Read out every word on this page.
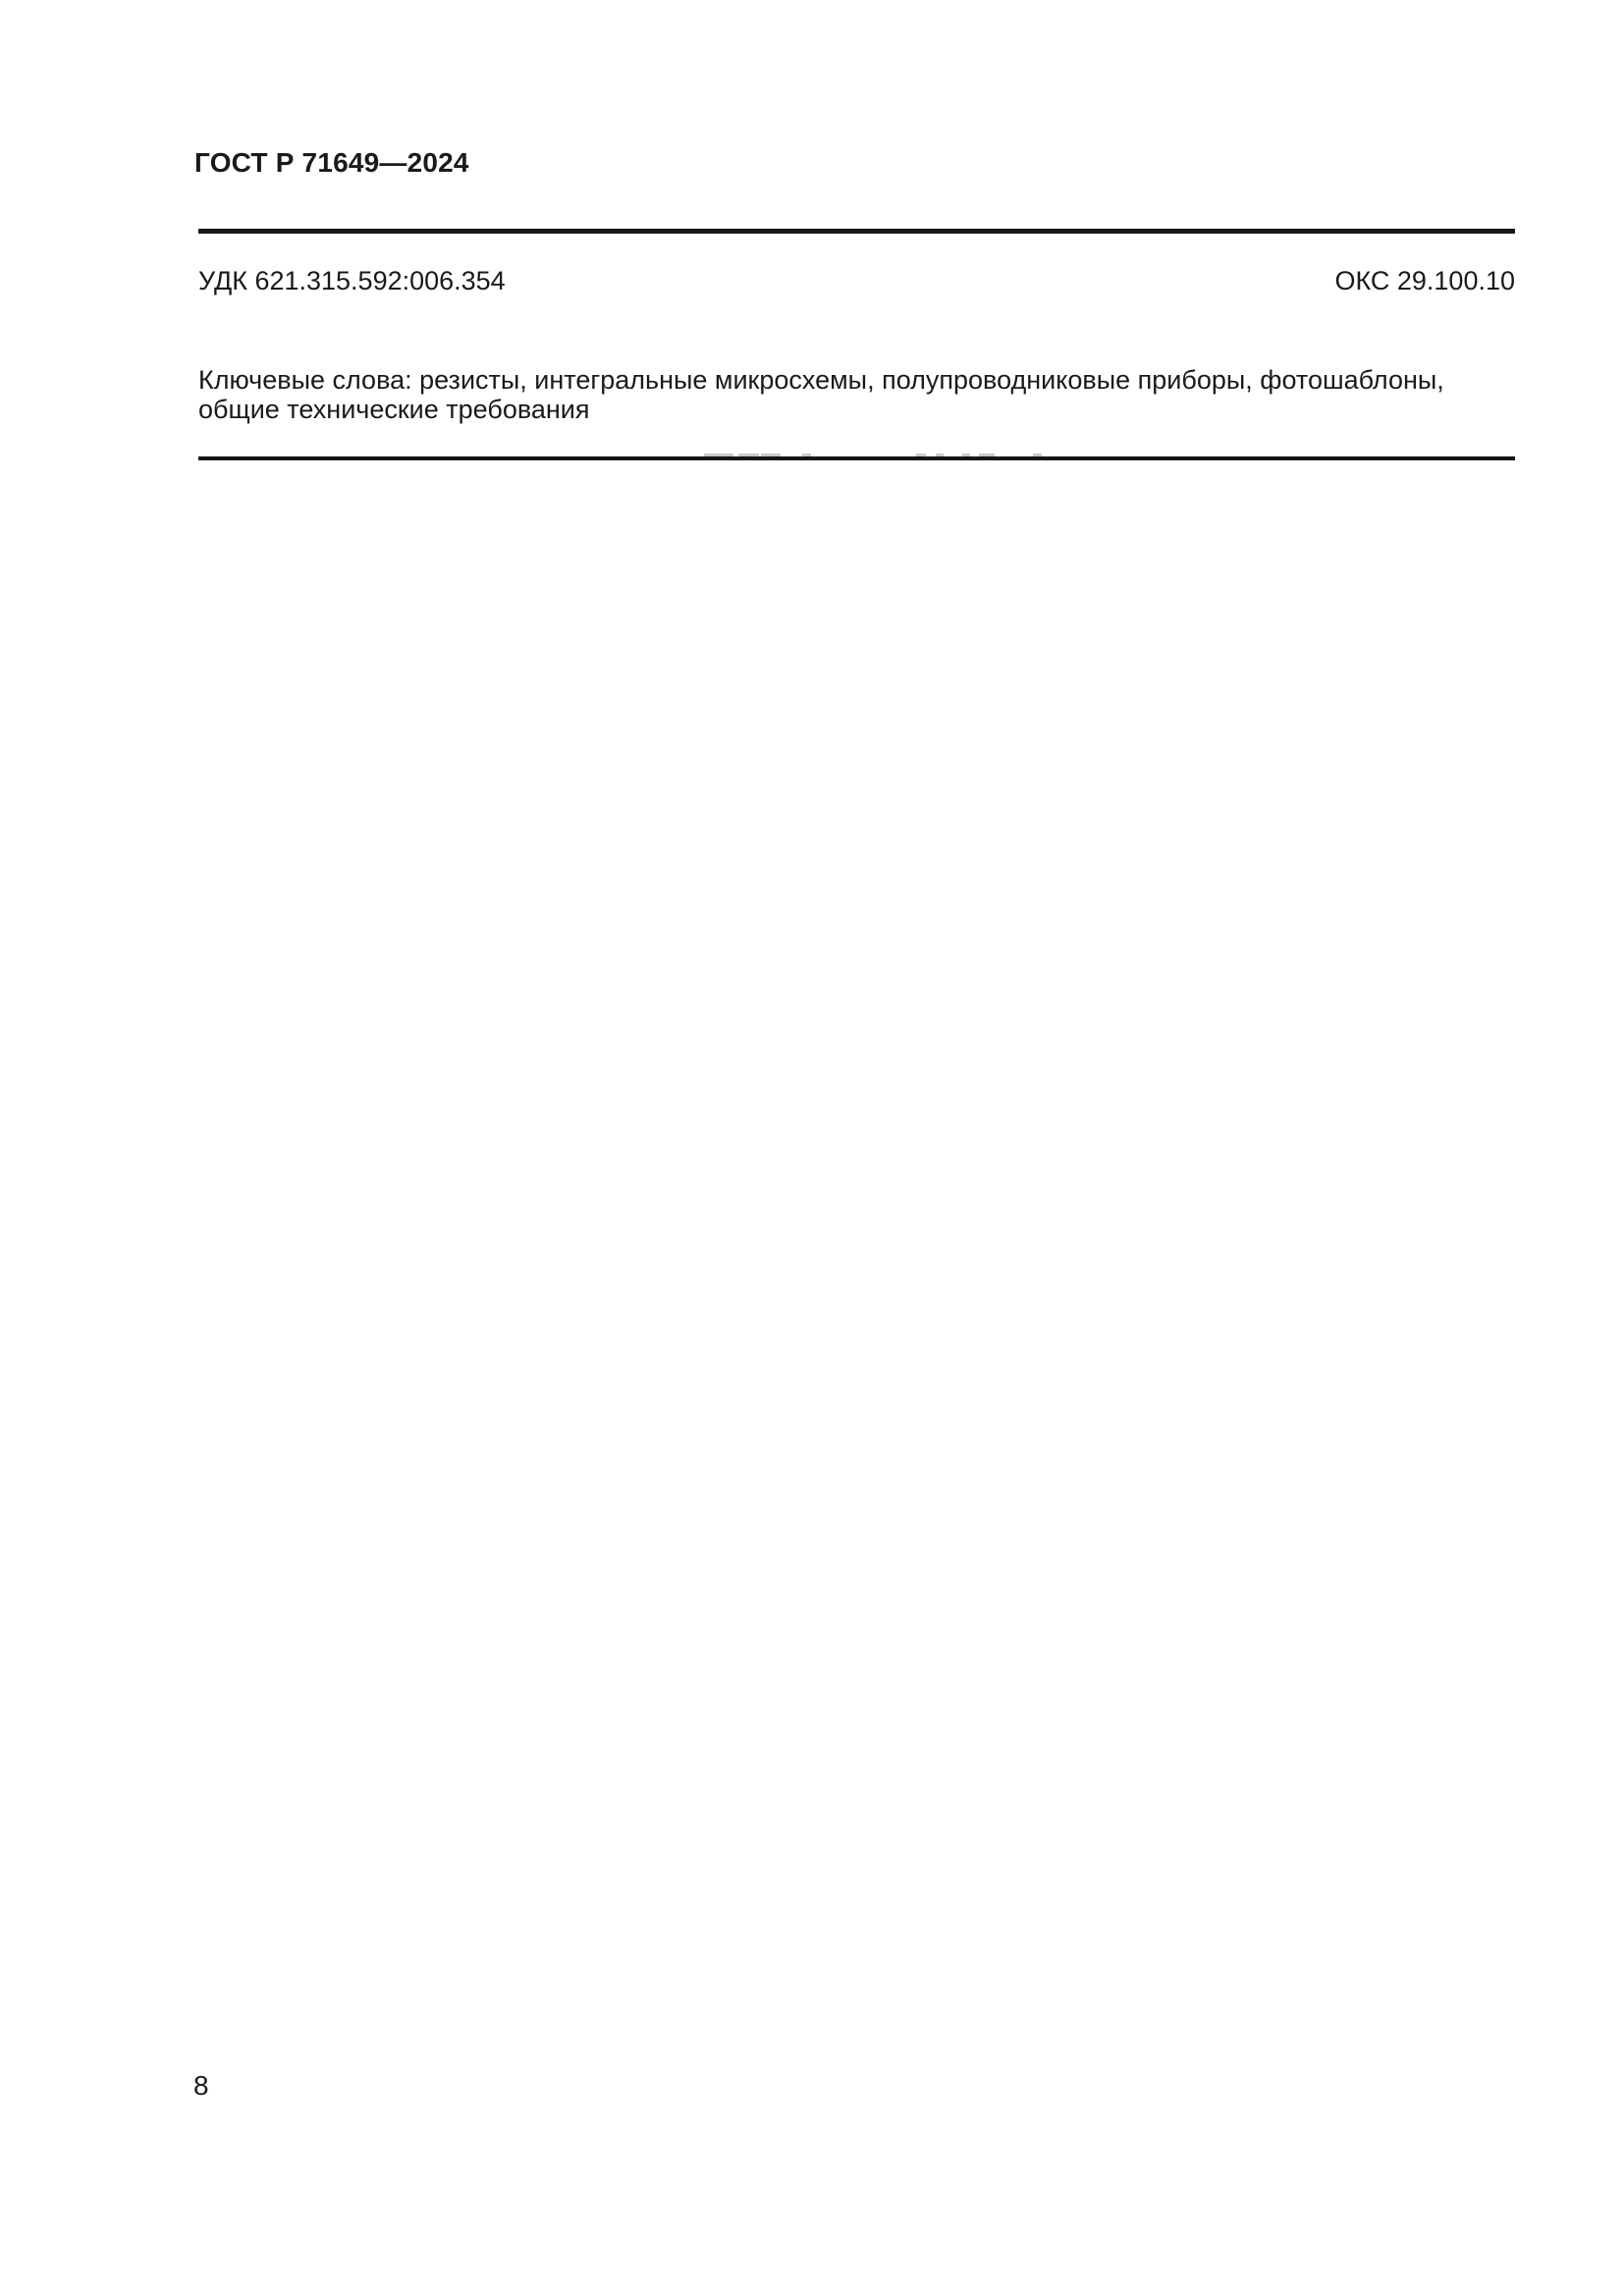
ГОСТ Р 71649—2024
УДК 621.315.592:006.354	ОКС 29.100.10
Ключевые слова: резисты, интегральные микросхемы, полупроводниковые приборы, фотошаблоны,
общие технические требования
8
